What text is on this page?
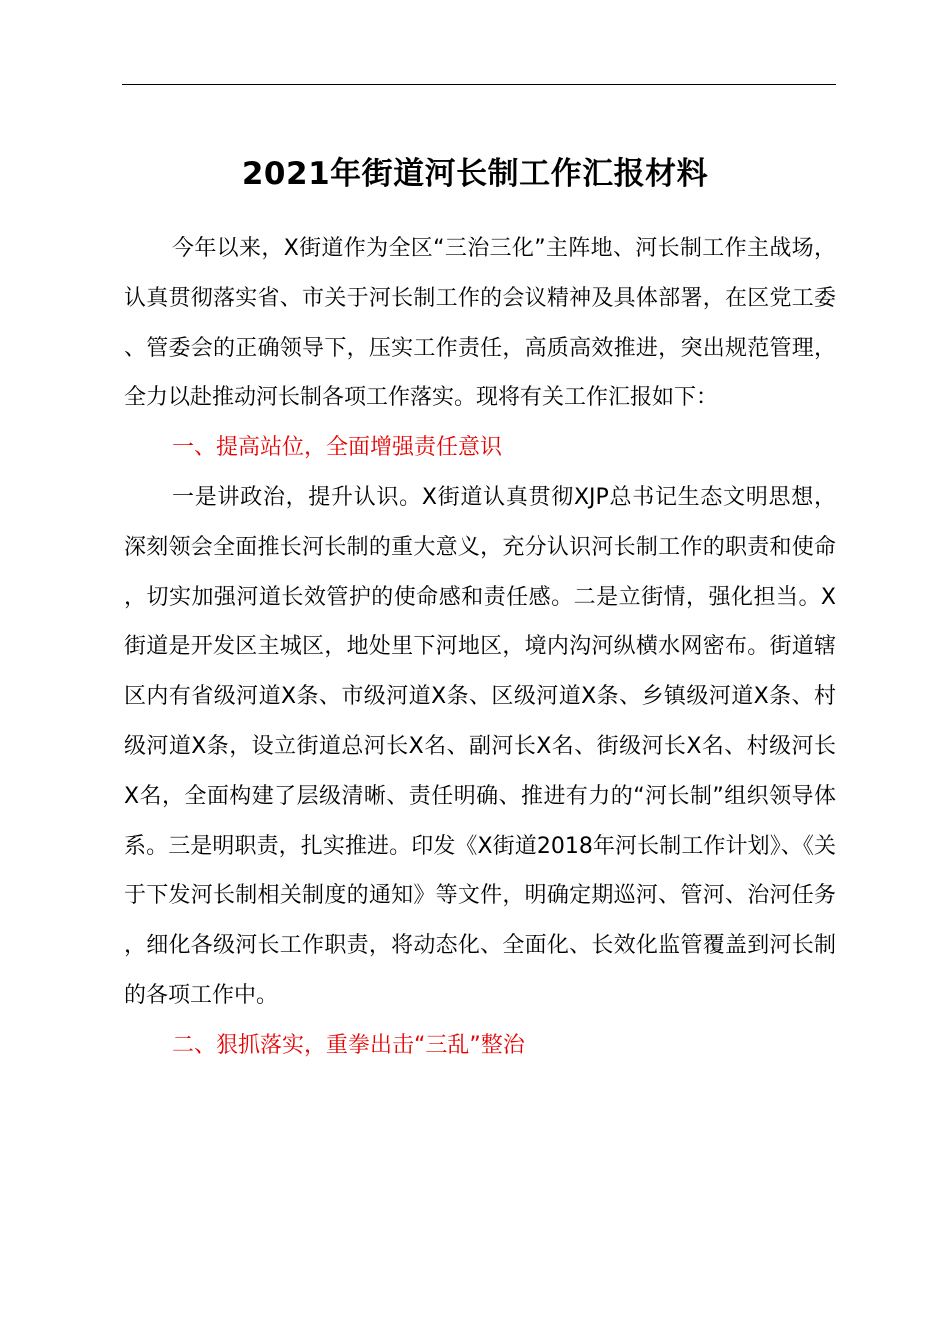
2021年街道河长制工作汇报材料

今年以来，X街道作为全区“三治三化”主阵地、河长制工作主战场，认真贯彻落实省、市关于河长制工作的会议精神及具体部署，在区党工委、管委会的正确领导下，压实工作责任，高质高效推进，突出规范管理，全力以赴推动河长制各项工作落实。现将有关工作汇报如下：

一、提高站位，全面增强责任意识

一是讲政治，提升认识。X街道认真贯彻XJP总书记生态文明思想，深刻领会全面推长河长制的重大意义，充分认识河长制工作的职责和使命，切实加强河道长效管护的使命感和责任感。二是立街情，强化担当。X街道是开发区主城区，地处里下河地区，境内沟河纵横水网密布。街道辖区内有省级河道X条、市级河道X条、区级河道X条、乡镇级河道X条、村级河道X条，设立街道总河长X名、副河长X名、街级河长X名、村级河长X名，全面构建了层级清晰、责任明确、推进有力的“河长制”组织领导体系。三是明职责，扎实推进。印发《X街道2018年河长制工作计划》、《关于下发河长制相关制度的通知》等文件，明确定期巡河、管河、治河任务，细化各级河长工作职责，将动态化、全面化、长效化监管覆盖到河长制的各项工作中。

二、狠抓落实，重拳出击“三乱”整治
